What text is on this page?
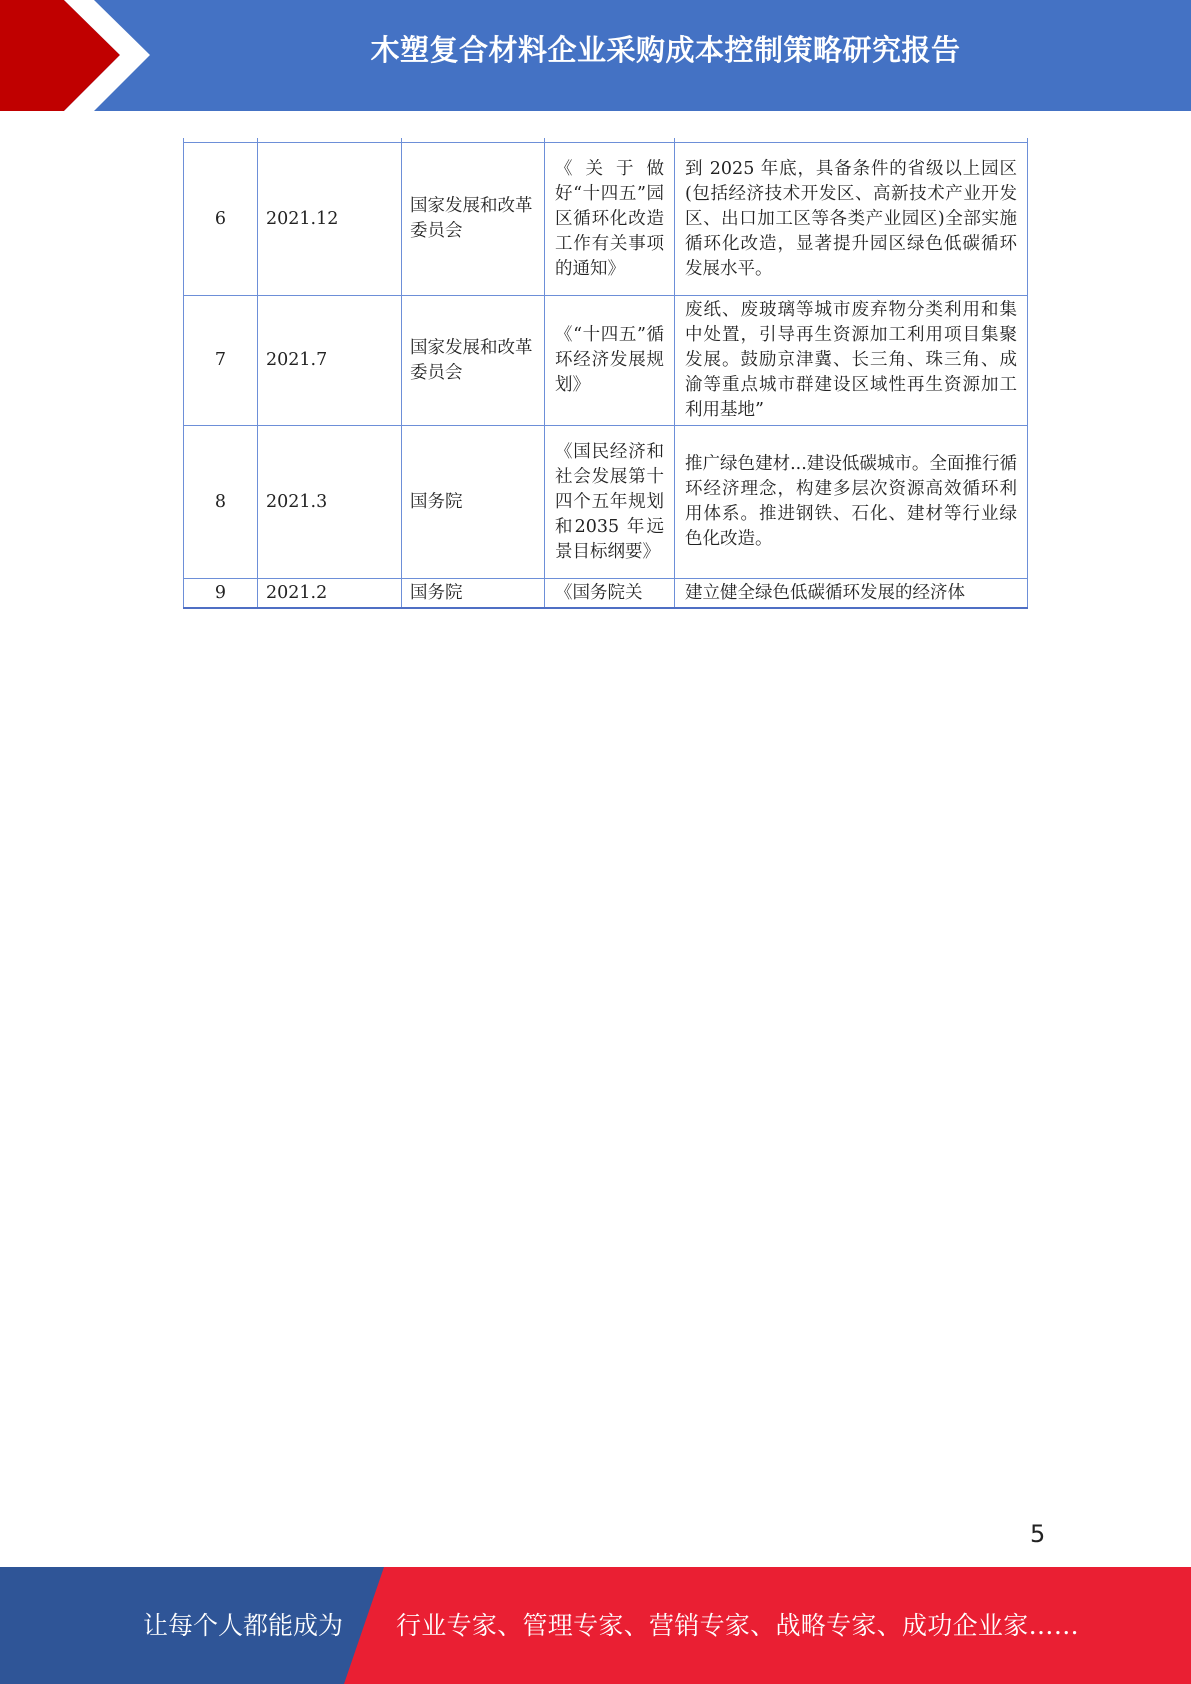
木塑复合材料企业采购成本控制策略研究报告

6	2021.12	国家发展和改革委员会	《关于做好“十四五”园区循环化改造工作有关事项的通知》	到 2025 年底，具备条件的省级以上园区(包括经济技术开发区、高新技术产业开发区、出口加工区等各类产业园区)全部实施循环化改造，显著提升园区绿色低碳循环发展水平。
7	2021.7	国家发展和改革委员会	《“十四五”循环经济发展规划》	废纸、废玻璃等城市废弃物分类利用和集中处置，引导再生资源加工利用项目集聚发展。鼓励京津冀、长三角、珠三角、成渝等重点城市群建设区域性再生资源加工利用基地”
8	2021.3	国务院	《国民经济和社会发展第十四个五年规划和2035 年远景目标纲要》	推广绿色建材...建设低碳城市。全面推行循环经济理念，构建多层次资源高效循环利用体系。推进钢铁、石化、建材等行业绿色化改造。
9	2021.2	国务院	《国务院关	建立健全绿色低碳循环发展的经济体
5
让每个人都能成为 行业专家、管理专家、营销专家、战略专家、成功企业家……
